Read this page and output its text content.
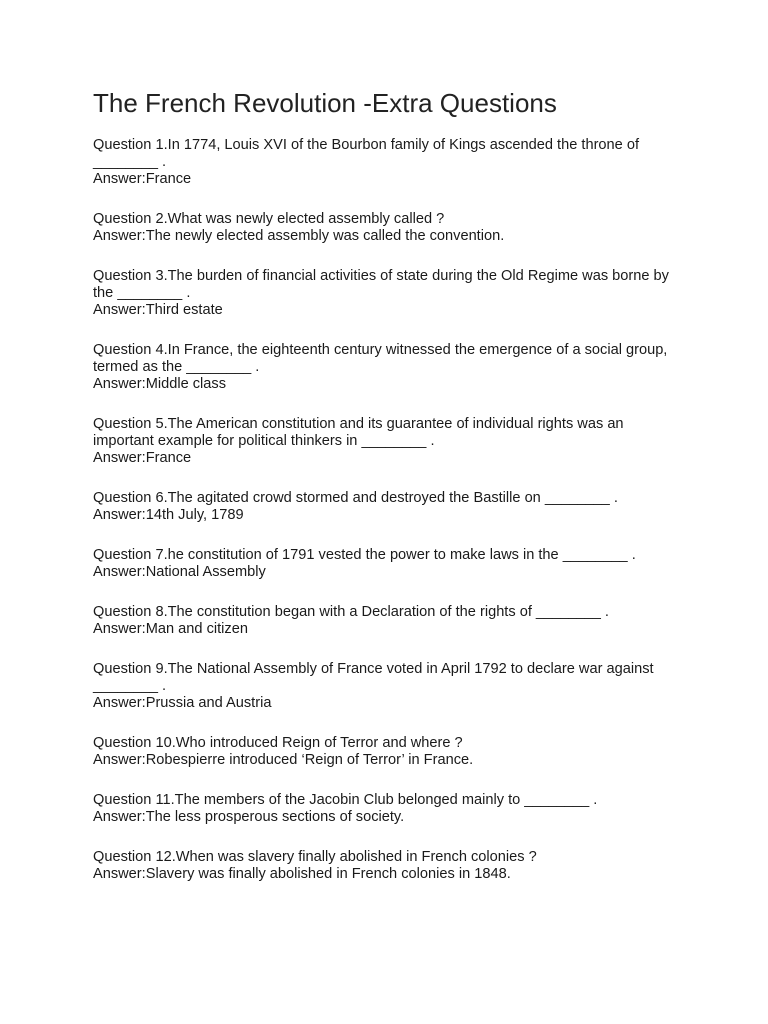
The French Revolution -Extra Questions
Question 1.In 1774, Louis XVI of the Bourbon family of Kings ascended the throne of ________ .
Answer:France
Question 2.What was newly elected assembly called ?
Answer:The newly elected assembly was called the convention.
Question 3.The burden of financial activities of state during the Old Regime was borne by the ________ .
Answer:Third estate
Question 4.In France, the eighteenth century witnessed the emergence of a social group, termed as the ________ .
Answer:Middle class
Question 5.The American constitution and its guarantee of individual rights was an important example for political thinkers in ________ .
Answer:France
Question 6.The agitated crowd stormed and destroyed the Bastille on ________ .
Answer:14th July, 1789
Question 7.he constitution of 1791 vested the power to make laws in the ________ .
Answer:National Assembly
Question 8.The constitution began with a Declaration of the rights of ________ .
Answer:Man and citizen
Question 9.The National Assembly of France voted in April 1792 to declare war against ________ .
Answer:Prussia and Austria
Question 10.Who introduced Reign of Terror and where ?
Answer:Robespierre introduced ‘Reign of Terror’ in France.
Question 11.The members of the Jacobin Club belonged mainly to ________ .
Answer:The less prosperous sections of society.
Question 12.When was slavery finally abolished in French colonies ?
Answer:Slavery was finally abolished in French colonies in 1848.
